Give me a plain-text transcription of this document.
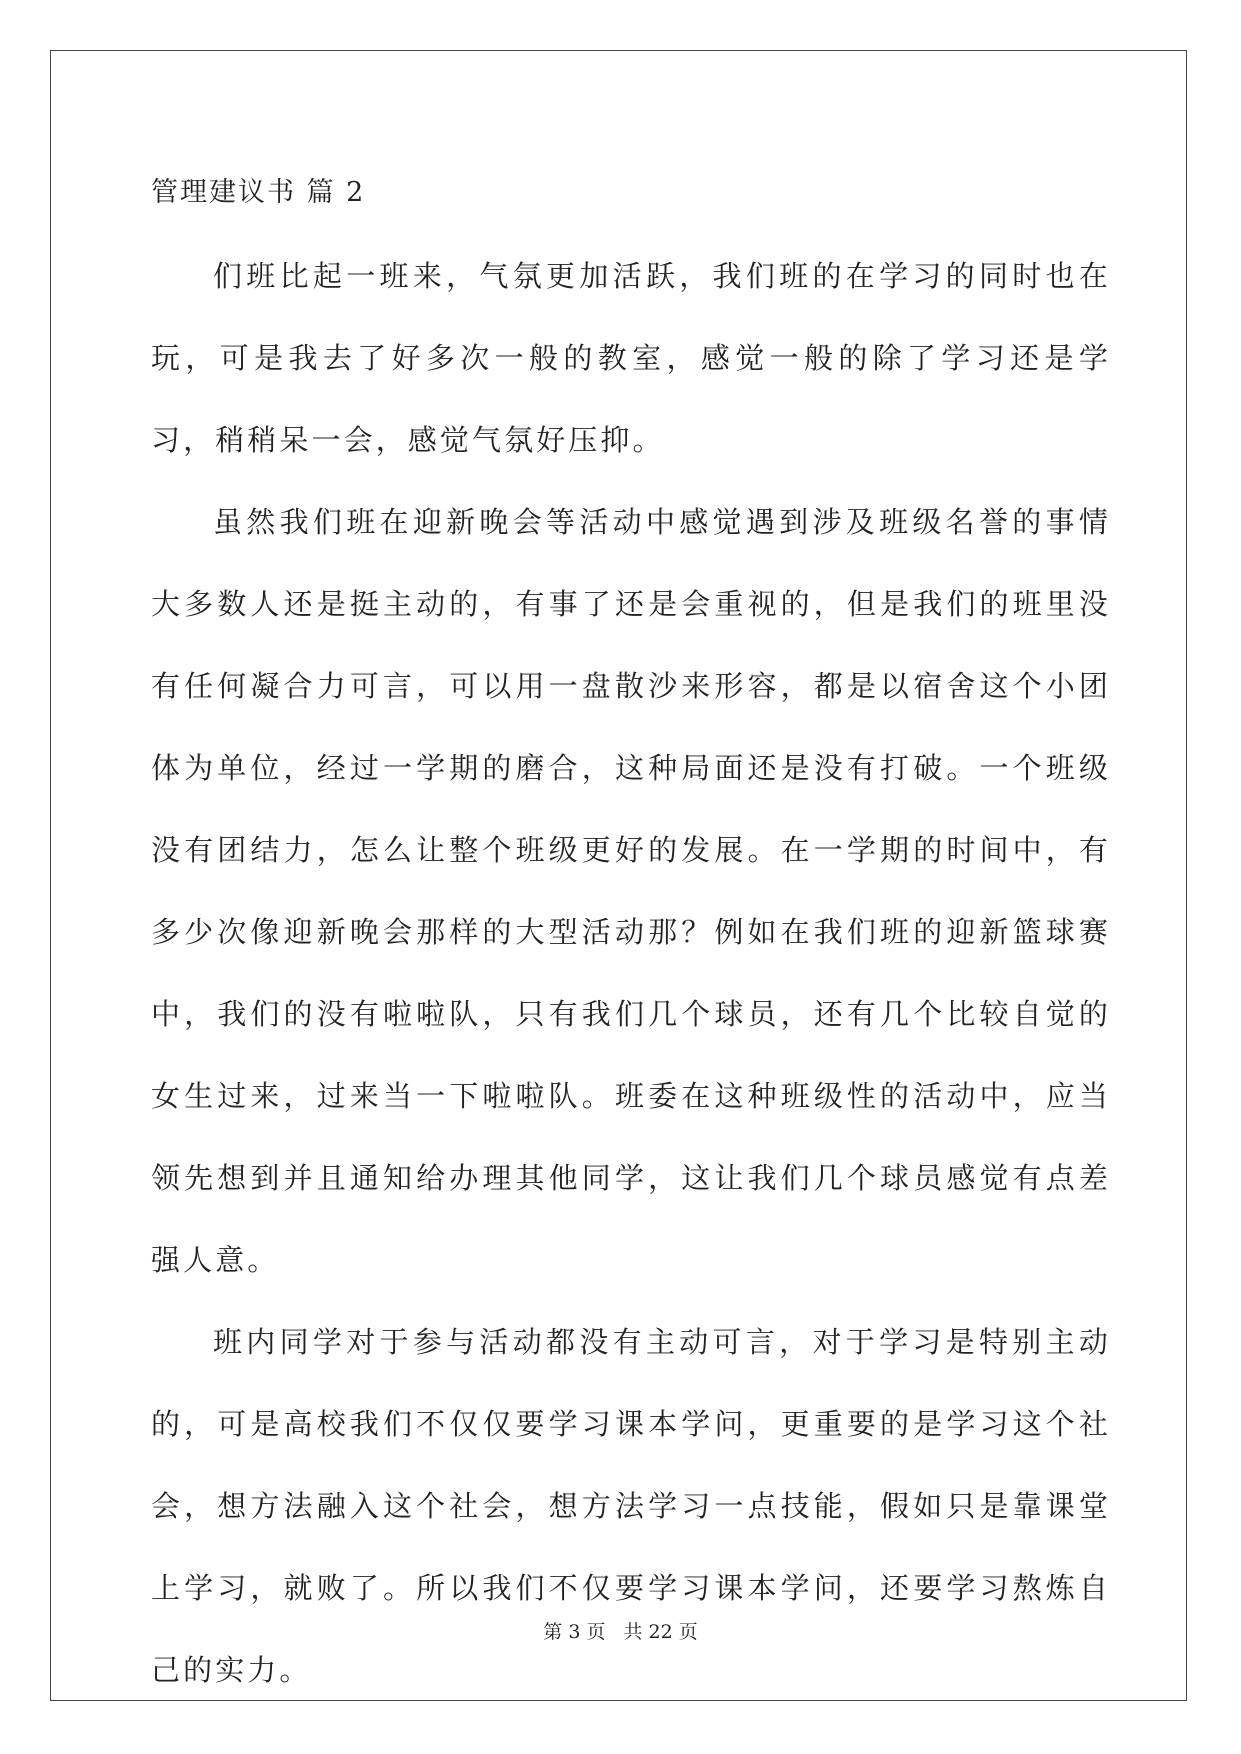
管理建议书 篇 2

们班比起一班来，气氛更加活跃，我们班的在学习的同时也在玩，可是我去了好多次一般的教室，感觉一般的除了学习还是学习，稍稍呆一会，感觉气氛好压抑。

虽然我们班在迎新晚会等活动中感觉遇到涉及班级名誉的事情大多数人还是挺主动的，有事了还是会重视的，但是我们的班里没有任何凝合力可言，可以用一盘散沙来形容，都是以宿舍这个小团体为单位，经过一学期的磨合，这种局面还是没有打破。一个班级没有团结力，怎么让整个班级更好的发展。在一学期的时间中，有多少次像迎新晚会那样的大型活动那？例如在我们班的迎新篮球赛中，我们的没有啦啦队，只有我们几个球员，还有几个比较自觉的女生过来，过来当一下啦啦队。班委在这种班级性的活动中，应当领先想到并且通知给办理其他同学，这让我们几个球员感觉有点差强人意。

班内同学对于参与活动都没有主动可言，对于学习是特别主动的，可是高校我们不仅仅要学习课本学问，更重要的是学习这个社会，想方法融入这个社会，想方法学习一点技能，假如只是靠课堂上学习，就败了。所以我们不仅要学习课本学问，还要学习熬炼自己的实力。

第 3 页 共 22 页
